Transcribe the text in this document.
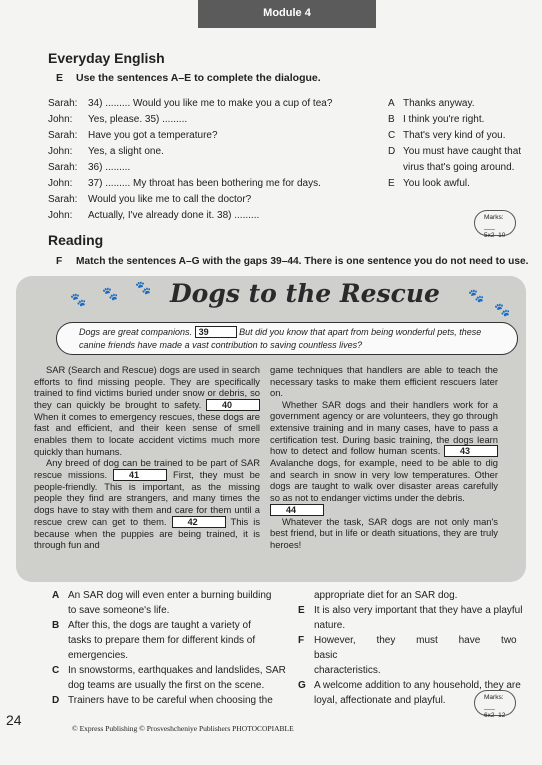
Module 4
Everyday English
E Use the sentences A–E to complete the dialogue.
Sarah:	34) ......... Would you like me to make you a cup of tea?
John:	Yes, please. 35) .........
Sarah:	Have you got a temperature?
John:	Yes, a slight one.
Sarah:	36) .........
John:	37) ......... My throat has been bothering me for days.
Sarah:	Would you like me to call the doctor?
John:	Actually, I've already done it. 38) .........
A Thanks anyway.
B I think you're right.
C That's very kind of you.
D You must have caught that
virus that's going around.
E You look awful.
Marks: ___
5x2 10
Reading
F Match the sentences A–G with the gaps 39–44. There is one sentence you do not need to use.
🐾 🐾 🐾
🐾
🐾
Dogs to the Rescue
Dogs are great companions. 39	But did you know that apart from being wonderful pets, these canine friends have made a vast contribution to saving countless lives?

SAR (Search and Rescue) dogs are used in search efforts to find missing people. They are specifically trained to find victims buried under snow or debris, so they can quickly be brought to safety. 40 When it comes to emergency rescues, these dogs are fast and efficient, and their keen sense of smell enables them to locate accident victims much more quickly than humans.

Any breed of dog can be trained to be part of SAR rescue missions. 41	First, they must be people-friendly. This is important, as the missing people they find are strangers, and many times the dogs have to stay with them and care for them until a rescue crew can get to them. 42	This is because when the puppies are being trained, it is through fun and

game techniques that handlers are able to teach the necessary tasks to make them efficient rescuers later on.

Whether SAR dogs and their handlers work for a government agency or are volunteers, they go through extensive training and in many cases, have to pass a certification test. During basic training, the dogs learn how to detect and follow human scents. 43 Avalanche dogs, for example, need to be able to dig and search in snow in very low temperatures. Other dogs are taught to walk over disaster areas carefully so as not to endanger victims under the debris.
44

Whatever the task, SAR dogs are not only man's best friend, but in life or death situations, they are truly heroes!

A An SAR dog will even enter a burning building
to save someone's life.
B After this, the dogs are taught a variety of
tasks to prepare them for different kinds of
emergencies.
C In snowstorms, earthquakes and landslides, SAR
dog teams are usually the first on the scene.
D Trainers have to be careful when choosing the
appropriate diet for an SAR dog.
E It is also very important that they have a playful
nature.
F However, they must have two basic
characteristics.
G A welcome addition to any household, they are
loyal, affectionate and playful.	Marks: ___
6x2 12
24
© Express Publishing © Prosveshcheniye Publishers PHOTOCOPIABLE
